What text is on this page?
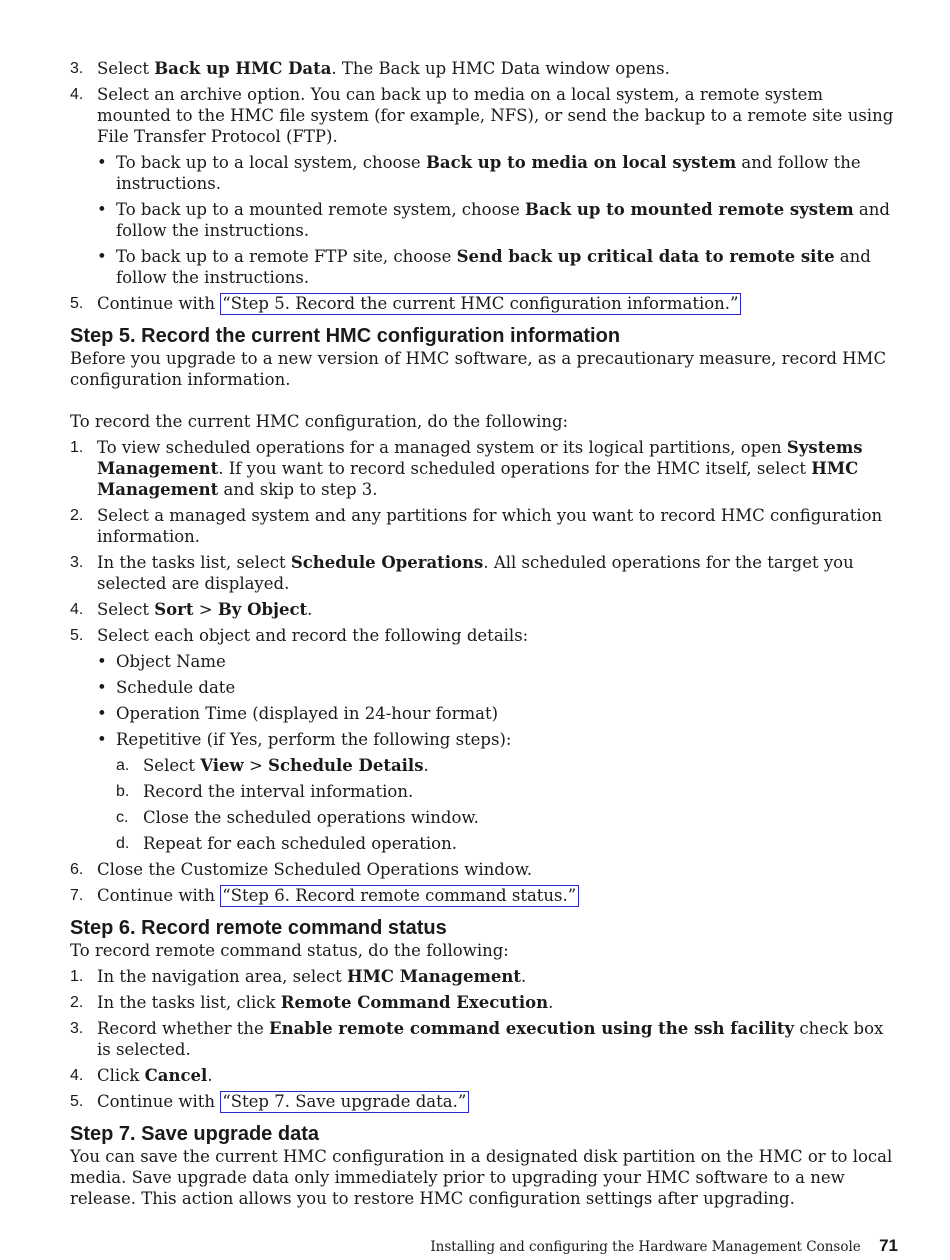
3. Select Back up HMC Data. The Back up HMC Data window opens.
4. Select an archive option. You can back up to media on a local system, a remote system mounted to the HMC file system (for example, NFS), or send the backup to a remote site using File Transfer Protocol (FTP).
• To back up to a local system, choose Back up to media on local system and follow the instructions.
• To back up to a mounted remote system, choose Back up to mounted remote system and follow the instructions.
• To back up to a remote FTP site, choose Send back up critical data to remote site and follow the instructions.
5. Continue with “Step 5. Record the current HMC configuration information.”
Step 5. Record the current HMC configuration information

Before you upgrade to a new version of HMC software, as a precautionary measure, record HMC configuration information.

To record the current HMC configuration, do the following:

1. To view scheduled operations for a managed system or its logical partitions, open Systems Management. If you want to record scheduled operations for the HMC itself, select HMC Management and skip to step 3.
2. Select a managed system and any partitions for which you want to record HMC configuration information.
3. In the tasks list, select Schedule Operations. All scheduled operations for the target you selected are displayed.
4. Select Sort > By Object.
5. Select each object and record the following details:
• Object Name
• Schedule date
• Operation Time (displayed in 24-hour format)
• Repetitive (if Yes, perform the following steps):
a. Select View > Schedule Details.
b. Record the interval information.
c. Close the scheduled operations window.
d. Repeat for each scheduled operation.
6. Close the Customize Scheduled Operations window.
7. Continue with “Step 6. Record remote command status.”
Step 6. Record remote command status

To record remote command status, do the following:

1. In the navigation area, select HMC Management.
2. In the tasks list, click Remote Command Execution.
3. Record whether the Enable remote command execution using the ssh facility check box is selected.
4. Click Cancel.
5. Continue with “Step 7. Save upgrade data.”
Step 7. Save upgrade data

You can save the current HMC configuration in a designated disk partition on the HMC or to local media. Save upgrade data only immediately prior to upgrading your HMC software to a new release. This action allows you to restore HMC configuration settings after upgrading.

Installing and configuring the Hardware Management Console 71
